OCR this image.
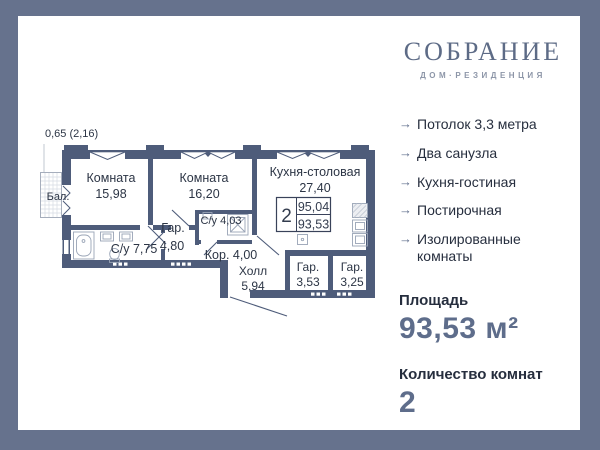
2 95,04
93,53
0,65 (2,16)
Бал.
Комната
15,98
Комната
16,20
Кухня-столовая
27,40
С/у 7,75
Гар.
4,80
С/у 4,03
Кор. 4,00
Холл
5,94
Гар.
3,53
Гар.
3,25
СОБРАНИЕ
ДОМ·РЕЗИДЕНЦИЯ
→ Потолок 3,3 метра
→ Два санузла
→ Кухня-гостиная
→ Постирочная
→ Изолированные комнаты
Площадь
93,53 м²
Количество комнат
2
